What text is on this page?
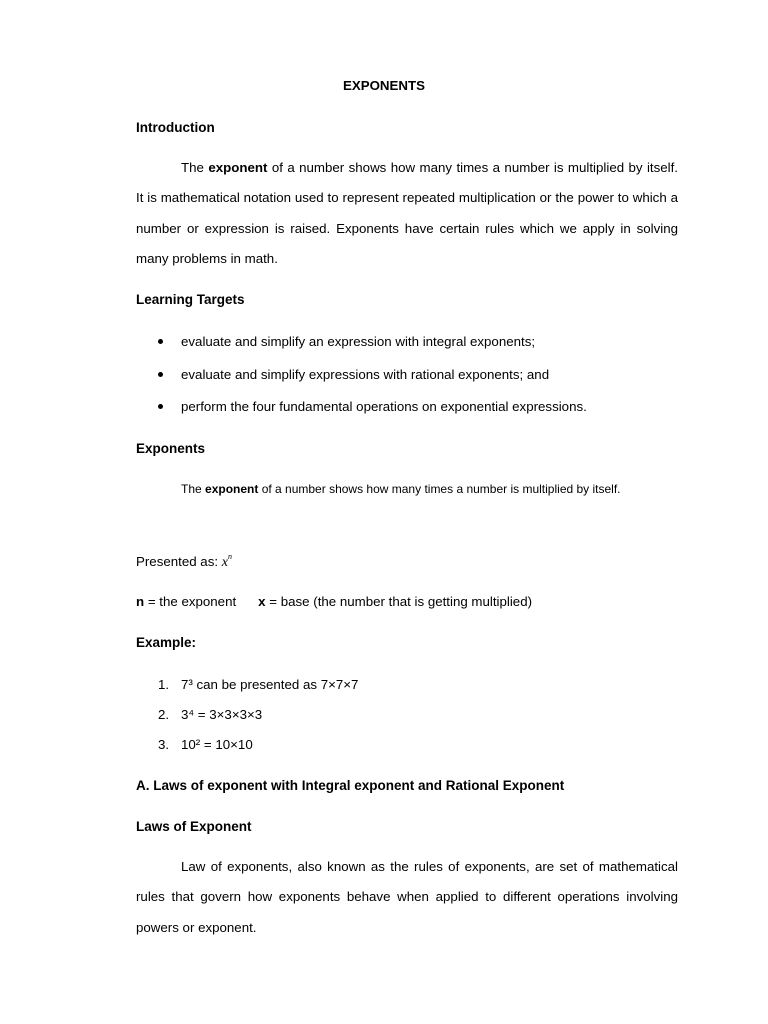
EXPONENTS
Introduction

The exponent of a number shows how many times a number is multiplied by itself. It is mathematical notation used to represent repeated multiplication or the power to which a number or expression is raised. Exponents have certain rules which we apply in solving many problems in math.

Learning Targets
evaluate and simplify an expression with integral exponents;
evaluate and simplify expressions with rational exponents; and
perform the four fundamental operations on exponential expressions.
Exponents

The exponent of a number shows how many times a number is multiplied by itself.

Presented as: $x^n$
n = the exponent x = base (the number that is getting multiplied)
Example:
1. 7³ can be presented as 7×7×7
2. 3⁴ = 3×3×3×3
3. 10² = 10×10
A. Laws of exponent with Integral exponent and Rational Exponent
Laws of Exponent

Law of exponents, also known as the rules of exponents, are set of mathematical rules that govern how exponents behave when applied to different operations involving powers or exponent.
